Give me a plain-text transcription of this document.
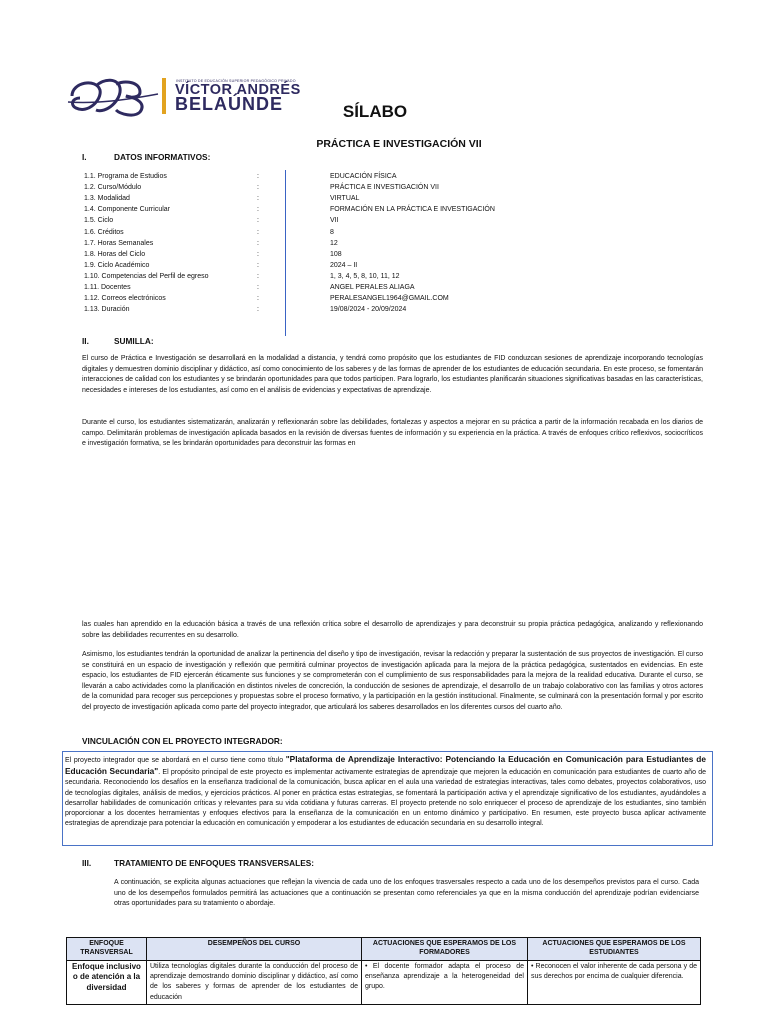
INSTITUTO DE EDUCACIÓN SUPERIOR PEDAGÓGICO PRIVADO
VÍCTOR ANDRÉS
BELAÚNDE	SÍLABO
PRÁCTICA E INVESTIGACIÓN VII
I.	DATOS INFORMATIVOS:
1.1. Programa de Estudios	:	EDUCACIÓN FÍSICA
1.2. Curso/Módulo	:	PRÁCTICA E INVESTIGACIÓN VII
1.3. Modalidad	:	VIRTUAL
1.4. Componente Curricular	:	FORMACIÓN EN LA PRÁCTICA E INVESTIGACIÓN
1.5. Ciclo	:	VII
1.6. Créditos	:	8
1.7. Horas Semanales	:	12
1.8. Horas del Ciclo	:	108
1.9. Ciclo Académico	:	2024 – II
1.10. Competencias del Perfil de egreso	:	1, 3, 4, 5, 8, 10, 11, 12
1.11. Docentes	:	ANGEL PERALES ALIAGA
1.12. Correos electrónicos	:	PERALESANGEL1964@GMAIL.COM
1.13. Duración	:	19/08/2024 - 20/09/2024
II.	SUMILLA:
El curso de Práctica e Investigación se desarrollará en la modalidad a distancia, y tendrá como propósito que los estudiantes de FID conduzcan sesiones de aprendizaje incorporando tecnologías digitales y demuestren dominio disciplinar y didáctico, así como conocimiento de los saberes y de las formas de aprender de los estudiantes de educación secundaria. En este proceso, se fomentarán interacciones de calidad con los estudiantes y se brindarán oportunidades para que todos participen. Para lograrlo, los estudiantes planificarán situaciones significativas basadas en las características, necesidades e intereses de los estudiantes, así como en el análisis de evidencias y expectativas de aprendizaje.
Durante el curso, los estudiantes sistematizarán, analizarán y reflexionarán sobre las debilidades, fortalezas y aspectos a mejorar en su práctica a partir de la información recabada en los diarios de campo. Delimitarán problemas de investigación aplicada basados en la revisión de diversas fuentes de información y su experiencia en la práctica. A través de enfoques crítico reflexivos, sociocríticos e investigación formativa, se les brindarán oportunidades para deconstruir las formas en
las cuales han aprendido en la educación básica a través de una reflexión crítica sobre el desarrollo de aprendizajes y para deconstruir su propia práctica pedagógica, analizando y reflexionando sobre las debilidades recurrentes en su desarrollo.
Asimismo, los estudiantes tendrán la oportunidad de analizar la pertinencia del diseño y tipo de investigación, revisar la redacción y preparar la sustentación de sus proyectos de investigación. El curso se constituirá en un espacio de investigación y reflexión que permitirá culminar proyectos de investigación aplicada para la mejora de la práctica pedagógica, sustentados en evidencias. En este espacio, los estudiantes de FID ejercerán éticamente sus funciones y se comprometerán con el cumplimiento de sus responsabilidades para la mejora de la realidad educativa. Durante el curso, se llevarán a cabo actividades como la planificación en distintos niveles de concreción, la conducción de sesiones de aprendizaje, el desarrollo de un trabajo colaborativo con las familias y otros actores de la comunidad para recoger sus percepciones y propuestas sobre el proceso formativo, y la participación en la gestión institucional. Finalmente, se culminará con la presentación formal y por escrito del proyecto de investigación aplicada como parte del proyecto integrador, que articulará los saberes desarrollados en los diferentes cursos del cuarto año.
VINCULACIÓN CON EL PROYECTO INTEGRADOR:
El proyecto integrador que se abordará en el curso tiene como título "Plataforma de Aprendizaje Interactivo: Potenciando la Educación en Comunicación para Estudiantes de Educación Secundaria". El propósito principal de este proyecto es implementar activamente estrategias de aprendizaje que mejoren la educación en comunicación para estudiantes de cuarto año de secundaria. Reconociendo los desafíos en la enseñanza tradicional de la comunicación, busca aplicar en el aula una variedad de estrategias interactivas, tales como debates, proyectos colaborativos, uso de tecnologías digitales, análisis de medios, y ejercicios prácticos. Al poner en práctica estas estrategias, se fomentará la participación activa y el aprendizaje significativo de los estudiantes, ayudándoles a desarrollar habilidades de comunicación críticas y relevantes para su vida cotidiana y futuras carreras. El proyecto pretende no solo enriquecer el proceso de aprendizaje de los estudiantes, sino también proporcionar a los docentes herramientas y enfoques efectivos para la enseñanza de la comunicación en un entorno dinámico y participativo. En resumen, este proyecto busca aplicar activamente estrategias de aprendizaje para potenciar la educación en comunicación y empoderar a los estudiantes de educación secundaria en su desarrollo integral.
III.	TRATAMIENTO DE ENFOQUES TRANSVERSALES:
A continuación, se explicita algunas actuaciones que reflejan la vivencia de cada uno de los enfoques trasversales respecto a cada uno de los desempeños previstos para el curso. Cada uno de los desempeños formulados permitirá las actuaciones que a continuación se presentan como referenciales ya que en la misma conducción del aprendizaje podrían evidenciarse otras oportunidades para su tratamiento o abordaje.
ENFOQUE TRANSVERSAL	DESEMPEÑOS DEL CURSO	ACTUACIONES QUE ESPERAMOS DE LOS FORMADORES	ACTUACIONES QUE ESPERAMOS DE LOS ESTUDIANTES
Enfoque inclusivo o de atención a la diversidad	Utiliza tecnologías digitales durante la conducción del proceso de aprendizaje demostrando dominio disciplinar y didáctico, así como de los saberes y formas de aprender de los estudiantes de educación	• El docente formador adapta el proceso de enseñanza aprendizaje a la heterogeneidad del grupo.	• Reconocen el valor inherente de cada persona y de sus derechos por encima de cualquier diferencia.
